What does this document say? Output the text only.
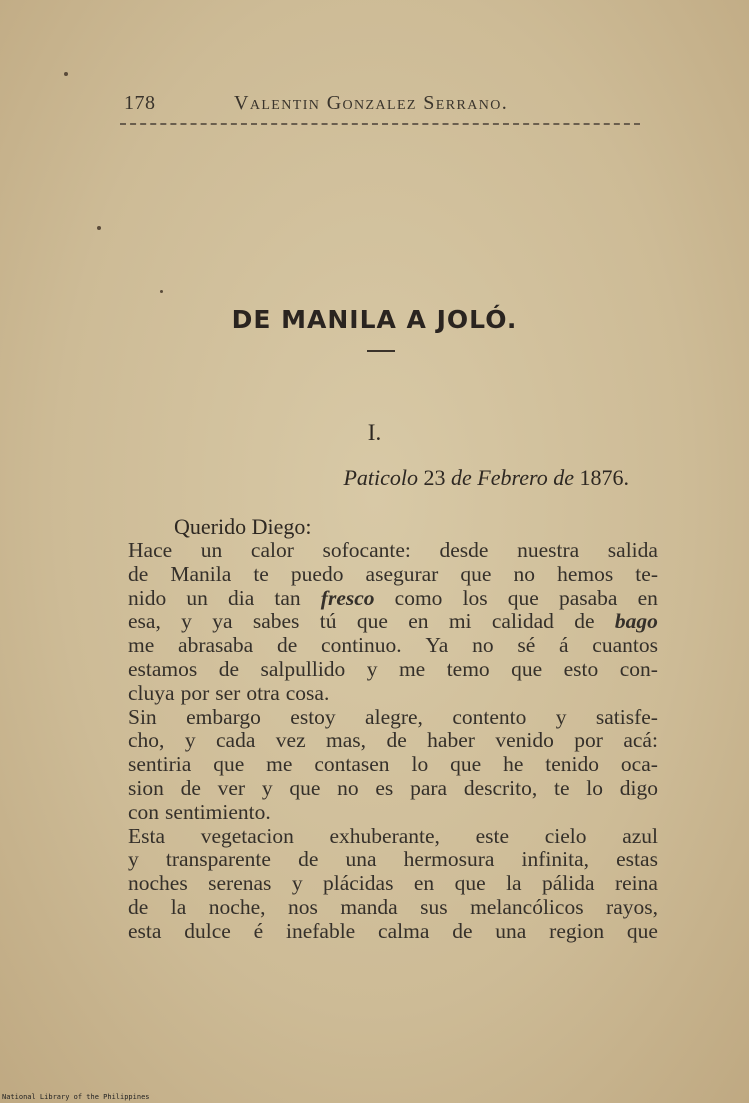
178	Valentin Gonzalez Serrano.
DE MANILA A JOLÓ.
I.
Paticolo 23 de Febrero de 1876.
Querido Diego:
Hace un calor sofocante: desde nuestra salida
de Manila te puedo asegurar que no hemos te-
nido un dia tan fresco como los que pasaba en
esa, y ya sabes tú que en mi calidad de bago
me abrasaba de continuo. Ya no sé á cuantos
estamos de salpullido y me temo que esto con-
cluya por ser otra cosa.
Sin embargo estoy alegre, contento y satisfe-
cho, y cada vez mas, de haber venido por acá:
sentiria que me contasen lo que he tenido oca-
sion de ver y que no es para descrito, te lo digo
con sentimiento.
Esta vegetacion exhuberante, este cielo azul
y transparente de una hermosura infinita, estas
noches serenas y plácidas en que la pálida reina
de la noche, nos manda sus melancólicos rayos,
esta dulce é inefable calma de una region que
National Library of the Philippines
